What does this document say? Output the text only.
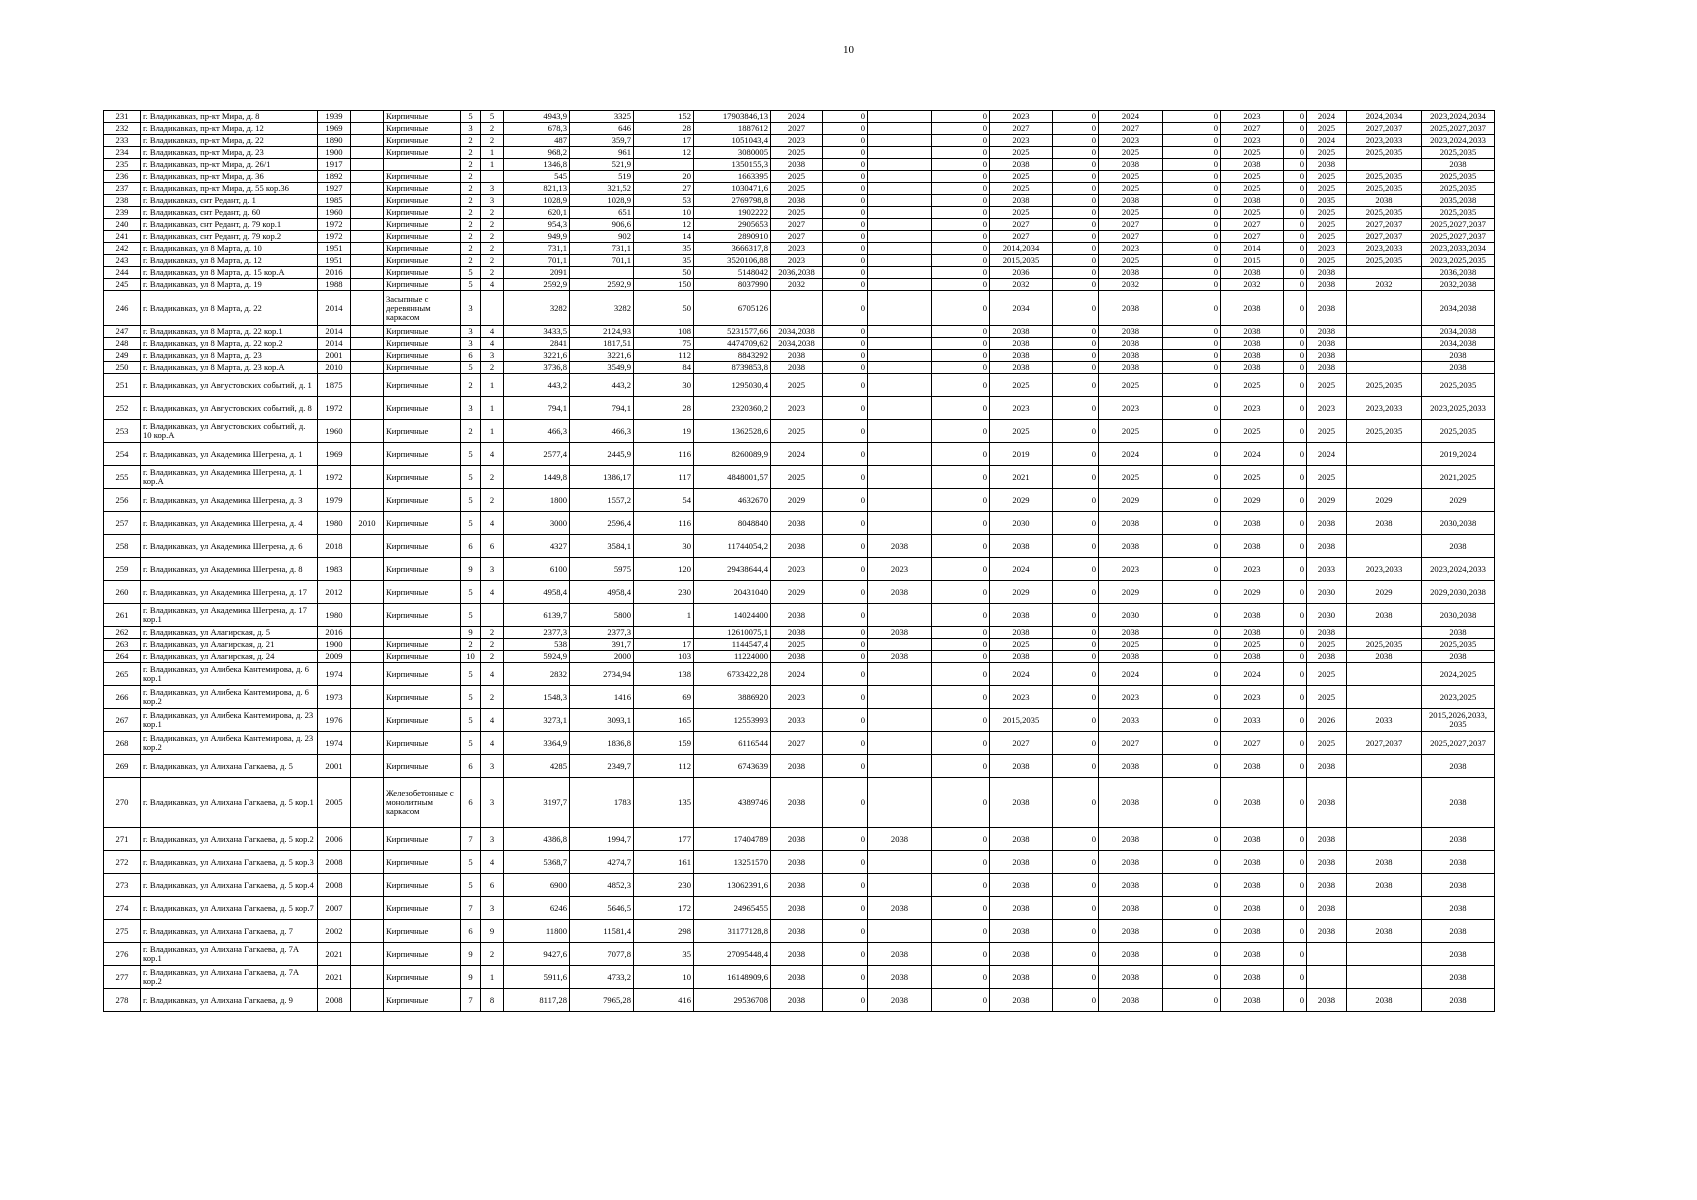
10
231	г. Владикавказ, пр-кт Мира, д. 8	1939		Кирпичные	5	5	4943,9	3325	152	17903846,13	2024	0		0	2023	0	2024	0	2023	0	2024	2024,2034	2023,2024,2034
232	г. Владикавказ, пр-кт Мира, д. 12	1969		Кирпичные	3	2	678,3	646	28	1887612	2027	0		0	2027	0	2027	0	2027	0	2025	2027,2037	2025,2027,2037
233	г. Владикавказ, пр-кт Мира, д. 22	1890		Кирпичные	2	2	487	359,7	17	1051043,4	2023	0		0	2023	0	2023	0	2023	0	2024	2023,2033	2023,2024,2033
234	г. Владикавказ, пр-кт Мира, д. 23	1900		Кирпичные	2	1	968,2	961	12	3080005	2025	0		0	2025	0	2025	0	2025	0	2025	2025,2035	2025,2035
235	г. Владикавказ, пр-кт Мира, д. 26/1	1917			2	1	1346,8	521,9		1350155,3	2038	0		0	2038	0	2038	0	2038	0	2038		2038
236	г. Владикавказ, пр-кт Мира, д. 36	1892		Кирпичные	2		545	519	20	1663395	2025	0		0	2025	0	2025	0	2025	0	2025	2025,2035	2025,2035
237	г. Владикавказ, пр-кт Мира, д. 55 кор.36	1927		Кирпичные	2	3	821,13	321,52	27	1030471,6	2025	0		0	2025	0	2025	0	2025	0	2025	2025,2035	2025,2035
238	г. Владикавказ, снт Редант, д. 1	1985		Кирпичные	2	3	1028,9	1028,9	53	2769798,8	2038	0		0	2038	0	2038	0	2038	0	2035	2038	2035,2038
239	г. Владикавказ, снт Редант, д. 60	1960		Кирпичные	2	2	620,1	651	10	1902222	2025	0		0	2025	0	2025	0	2025	0	2025	2025,2035	2025,2035
240	г. Владикавказ, снт Редант, д. 79 кор.1	1972		Кирпичные	2	2	954,3	906,6	12	2905653	2027	0		0	2027	0	2027	0	2027	0	2025	2027,2037	2025,2027,2037
241	г. Владикавказ, снт Редант, д. 79 кор.2	1972		Кирпичные	2	2	949,9	902	14	2890910	2027	0		0	2027	0	2027	0	2027	0	2025	2027,2037	2025,2027,2037
242	г. Владикавказ, ул 8 Марта, д. 10	1951		Кирпичные	2	2	731,1	731,1	35	3666317,8	2023	0		0	2014,2034	0	2023	0	2014	0	2023	2023,2033	2023,2033,2034
243	г. Владикавказ, ул 8 Марта, д. 12	1951		Кирпичные	2	2	701,1	701,1	35	3520106,88	2023	0		0	2015,2035	0	2025	0	2015	0	2025	2025,2035	2023,2025,2035
244	г. Владикавказ, ул 8 Марта, д. 15 кор.А	2016		Кирпичные	5	2	2091		50	5148042	2036,2038	0		0	2036	0	2038	0	2038	0	2038		2036,2038
245	г. Владикавказ, ул 8 Марта, д. 19	1988		Кирпичные	5	4	2592,9	2592,9	150	8037990	2032	0		0	2032	0	2032	0	2032	0	2038	2032	2032,2038
246	г. Владикавказ, ул 8 Марта, д. 22	2014		Засыпные с деревянным каркасом	3		3282	3282	50	6705126		0		0	2034	0	2038	0	2038	0	2038		2034,2038
247	г. Владикавказ, ул 8 Марта, д. 22 кор.1	2014		Кирпичные	3	4	3433,5	2124,93	108	5231577,66	2034,2038	0		0	2038	0	2038	0	2038	0	2038		2034,2038
248	г. Владикавказ, ул 8 Марта, д. 22 кор.2	2014		Кирпичные	3	4	2841	1817,51	75	4474709,62	2034,2038	0		0	2038	0	2038	0	2038	0	2038		2034,2038
249	г. Владикавказ, ул 8 Марта, д. 23	2001		Кирпичные	6	3	3221,6	3221,6	112	8843292	2038	0		0	2038	0	2038	0	2038	0	2038		2038
250	г. Владикавказ, ул 8 Марта, д. 23 кор.А	2010		Кирпичные	5	2	3736,8	3549,9	84	8739853,8	2038	0		0	2038	0	2038	0	2038	0	2038		2038
251	г. Владикавказ, ул Августовских событий, д. 1	1875		Кирпичные	2	1	443,2	443,2	30	1295030,4	2025	0		0	2025	0	2025	0	2025	0	2025	2025,2035	2025,2035
252	г. Владикавказ, ул Августовских событий, д. 8	1972		Кирпичные	3	1	794,1	794,1	28	2320360,2	2023	0		0	2023	0	2023	0	2023	0	2023	2023,2033	2023,2025,2033
253	г. Владикавказ, ул Августовских событий, д. 10 кор.А	1960		Кирпичные	2	1	466,3	466,3	19	1362528,6	2025	0		0	2025	0	2025	0	2025	0	2025	2025,2035	2025,2035
254	г. Владикавказ, ул Академика Шегрена, д. 1	1969		Кирпичные	5	4	2577,4	2445,9	116	8260089,9	2024	0		0	2019	0	2024	0	2024	0	2024		2019,2024
255	г. Владикавказ, ул Академика Шегрена, д. 1 кор.А	1972		Кирпичные	5	2	1449,8	1386,17	117	4848001,57	2025	0		0	2021	0	2025	0	2025	0	2025		2021,2025
256	г. Владикавказ, ул Академика Шегрена, д. 3	1979		Кирпичные	5	2	1800	1557,2	54	4632670	2029	0		0	2029	0	2029	0	2029	0	2029	2029	2029
257	г. Владикавказ, ул Академика Шегрена, д. 4	1980	2010	Кирпичные	5	4	3000	2596,4	116	8048840	2038	0		0	2030	0	2038	0	2038	0	2038	2038	2030,2038
258	г. Владикавказ, ул Академика Шегрена, д. 6	2018		Кирпичные	6	6	4327	3584,1	30	11744054,2	2038	0	2038	0	2038	0	2038	0	2038	0	2038		2038
259	г. Владикавказ, ул Академика Шегрена, д. 8	1983		Кирпичные	9	3	6100	5975	120	29438644,4	2023	0	2023	0	2024	0	2023	0	2023	0	2033	2023,2033	2023,2024,2033
260	г. Владикавказ, ул Академика Шегрена, д. 17	2012		Кирпичные	5	4	4958,4	4958,4	230	20431040	2029	0	2038	0	2029	0	2029	0	2029	0	2030	2029	2029,2030,2038
261	г. Владикавказ, ул Академика Шегрена, д. 17 кор.1	1980		Кирпичные	5		6139,7	5800	1	14024400	2038	0		0	2038	0	2030	0	2038	0	2030	2038	2030,2038
262	г. Владикавказ, ул Алагирская, д. 5	2016			9	2	2377,3	2377,3		12610075,1	2038	0	2038	0	2038	0	2038	0	2038	0	2038		2038
263	г. Владикавказ, ул Алагирская, д. 21	1900		Кирпичные	2	2	538	391,7	17	1144547,4	2025	0		0	2025	0	2025	0	2025	0	2025	2025,2035	2025,2035
264	г. Владикавказ, ул Алагирская, д. 24	2009		Кирпичные	10	2	5924,9	2000	103	11224000	2038	0	2038	0	2038	0	2038	0	2038	0	2038	2038	2038
265	г. Владикавказ, ул Алибека Кантемирова, д. 6 кор.1	1974		Кирпичные	5	4	2832	2734,94	138	6733422,28	2024	0		0	2024	0	2024	0	2024	0	2025		2024,2025
266	г. Владикавказ, ул Алибека Кантемирова, д. 6 кор.2	1973		Кирпичные	5	2	1548,3	1416	69	3886920	2023	0		0	2023	0	2023	0	2023	0	2025		2023,2025
267	г. Владикавказ, ул Алибека Кантемирова, д. 23 кор.1	1976		Кирпичные	5	4	3273,1	3093,1	165	12553993	2033	0		0	2015,2035	0	2033	0	2033	0	2026	2033	2015,2026,2033, 2035
268	г. Владикавказ, ул Алибека Кантемирова, д. 23 кор.2	1974		Кирпичные	5	4	3364,9	1836,8	159	6116544	2027	0		0	2027	0	2027	0	2027	0	2025	2027,2037	2025,2027,2037
269	г. Владикавказ, ул Алихана Гагкаева, д. 5	2001		Кирпичные	6	3	4285	2349,7	112	6743639	2038	0		0	2038	0	2038	0	2038	0	2038		2038
270	г. Владикавказ, ул Алихана Гагкаева, д. 5 кор.1	2005		Железобетонные с монолитным каркасом	6	3	3197,7	1783	135	4389746	2038	0		0	2038	0	2038	0	2038	0	2038		2038
271	г. Владикавказ, ул Алихана Гагкаева, д. 5 кор.2	2006		Кирпичные	7	3	4386,8	1994,7	177	17404789	2038	0	2038	0	2038	0	2038	0	2038	0	2038		2038
272	г. Владикавказ, ул Алихана Гагкаева, д. 5 кор.3	2008		Кирпичные	5	4	5368,7	4274,7	161	13251570	2038	0		0	2038	0	2038	0	2038	0	2038	2038	2038
273	г. Владикавказ, ул Алихана Гагкаева, д. 5 кор.4	2008		Кирпичные	5	6	6900	4852,3	230	13062391,6	2038	0		0	2038	0	2038	0	2038	0	2038	2038	2038
274	г. Владикавказ, ул Алихана Гагкаева, д. 5 кор.7	2007		Кирпичные	7	3	6246	5646,5	172	24965455	2038	0	2038	0	2038	0	2038	0	2038	0	2038		2038
275	г. Владикавказ, ул Алихана Гагкаева, д. 7	2002		Кирпичные	6	9	11800	11581,4	298	31177128,8	2038	0		0	2038	0	2038	0	2038	0	2038	2038	2038
276	г. Владикавказ, ул Алихана Гагкаева, д. 7А кор.1	2021		Кирпичные	9	2	9427,6	7077,8	35	27095448,4	2038	0	2038	0	2038	0	2038	0	2038	0			2038
277	г. Владикавказ, ул Алихана Гагкаева, д. 7А кор.2	2021		Кирпичные	9	1	5911,6	4733,2	10	16148909,6	2038	0	2038	0	2038	0	2038	0	2038	0			2038
278	г. Владикавказ, ул Алихана Гагкаева, д. 9	2008		Кирпичные	7	8	8117,28	7965,28	416	29536708	2038	0	2038	0	2038	0	2038	0	2038	0	2038	2038	2038
